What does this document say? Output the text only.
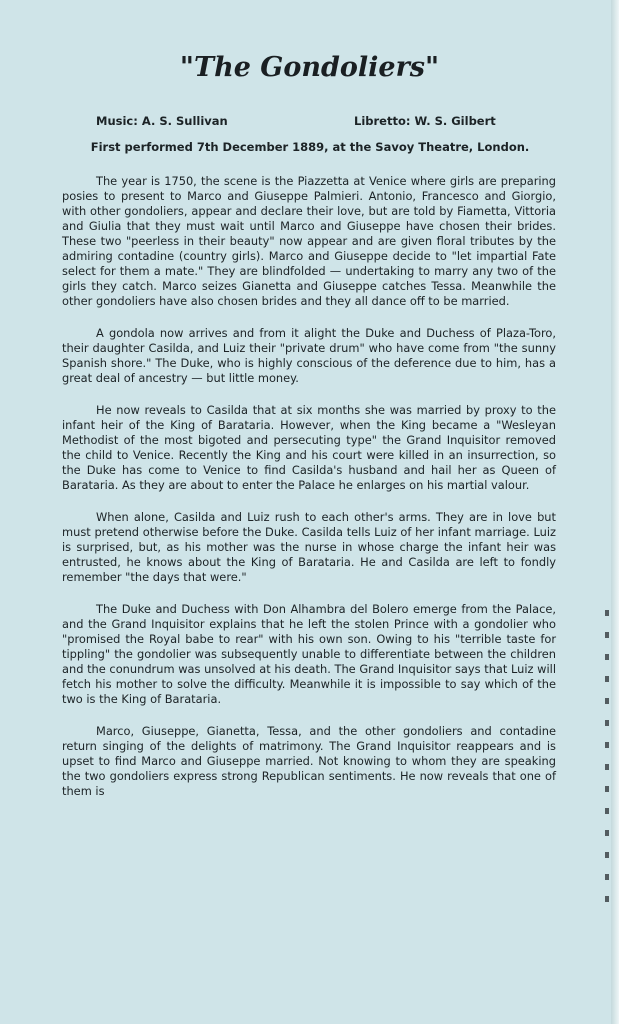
"The Gondoliers"
Music: A. S. Sullivan	Libretto: W. S. Gilbert

First performed 7th December 1889, at the Savoy Theatre, London.

The year is 1750, the scene is the Piazzetta at Venice where girls are preparing posies to present to Marco and Giuseppe Palmieri. Antonio, Francesco and Giorgio, with other gondoliers, appear and declare their love, but are told by Fiametta, Vittoria and Giulia that they must wait until Marco and Giuseppe have chosen their brides. These two "peerless in their beauty" now appear and are given floral tributes by the admiring contadine (country girls). Marco and Giuseppe decide to "let impartial Fate select for them a mate." They are blindfolded — undertaking to marry any two of the girls they catch. Marco seizes Gianetta and Giuseppe catches Tessa. Meanwhile the other gondoliers have also chosen brides and they all dance off to be married.

A gondola now arrives and from it alight the Duke and Duchess of Plaza-Toro, their daughter Casilda, and Luiz their "private drum" who have come from "the sunny Spanish shore." The Duke, who is highly conscious of the deference due to him, has a great deal of ancestry — but little money.

He now reveals to Casilda that at six months she was married by proxy to the infant heir of the King of Barataria. However, when the King became a "Wesleyan Methodist of the most bigoted and persecuting type" the Grand Inquisitor removed the child to Venice. Recently the King and his court were killed in an insurrection, so the Duke has come to Venice to find Casilda's husband and hail her as Queen of Barataria. As they are about to enter the Palace he enlarges on his martial valour.

When alone, Casilda and Luiz rush to each other's arms. They are in love but must pretend otherwise before the Duke. Casilda tells Luiz of her infant marriage. Luiz is surprised, but, as his mother was the nurse in whose charge the infant heir was entrusted, he knows about the King of Barataria. He and Casilda are left to fondly remember "the days that were."

The Duke and Duchess with Don Alhambra del Bolero emerge from the Palace, and the Grand Inquisitor explains that he left the stolen Prince with a gondolier who "promised the Royal babe to rear" with his own son. Owing to his "terrible taste for tippling" the gondolier was subsequently unable to differentiate between the children and the conundrum was unsolved at his death. The Grand Inquisitor says that Luiz will fetch his mother to solve the difficulty. Meanwhile it is impossible to say which of the two is the King of Barataria.

Marco, Giuseppe, Gianetta, Tessa, and the other gondoliers and contadine return singing of the delights of matrimony. The Grand Inquisitor reappears and is upset to find Marco and Giuseppe married. Not knowing to whom they are speaking the two gondoliers express strong Republican sentiments. He now reveals that one of them is
